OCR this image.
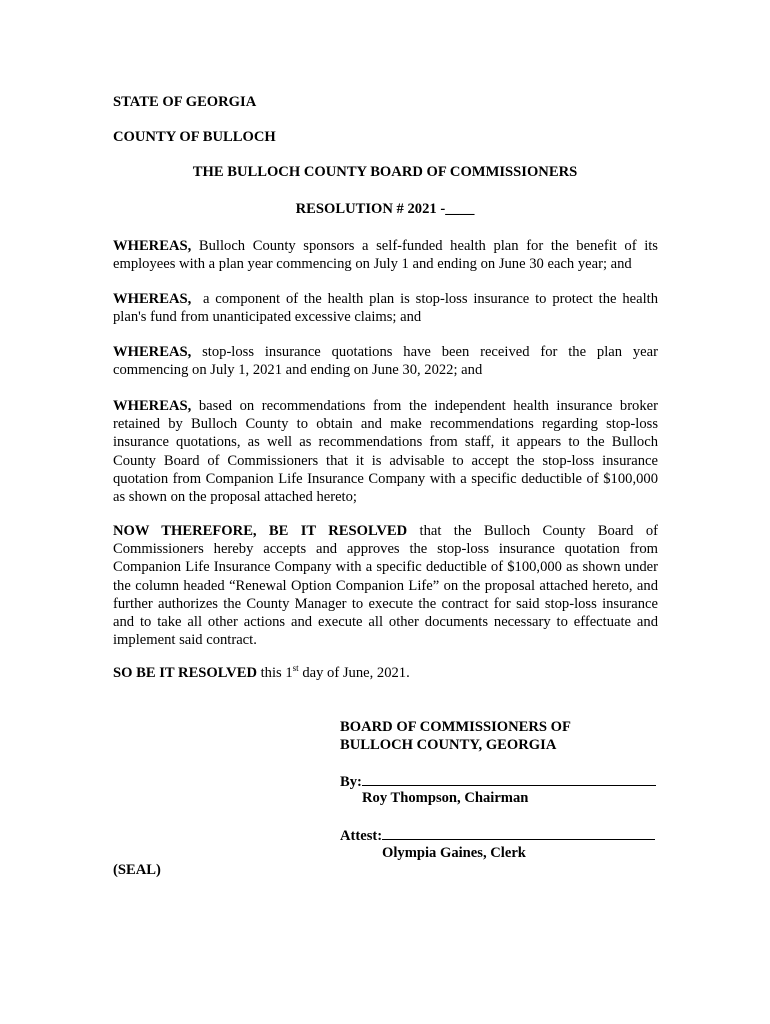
STATE OF GEORGIA
COUNTY OF BULLOCH
THE BULLOCH COUNTY BOARD OF COMMISSIONERS
RESOLUTION # 2021 -____

WHEREAS, Bulloch County sponsors a self-funded health plan for the benefit of its employees with a plan year commencing on July 1 and ending on June 30 each year; and

WHEREAS,  a component of the health plan is stop-loss insurance to protect the health plan's fund from unanticipated excessive claims; and

WHEREAS, stop-loss insurance quotations have been received for the plan year commencing on July 1, 2021 and ending on June 30, 2022; and

WHEREAS, based on recommendations from the independent health insurance broker retained by Bulloch County to obtain and make recommendations regarding stop-loss insurance quotations, as well as recommendations from staff, it appears to the Bulloch County Board of Commissioners that it is advisable to accept the stop-loss insurance quotation from Companion Life Insurance Company with a specific deductible of $100,000 as shown on the proposal attached hereto;

NOW THEREFORE, BE IT RESOLVED that the Bulloch County Board of Commissioners hereby accepts and approves the stop-loss insurance quotation from Companion Life Insurance Company with a specific deductible of $100,000 as shown under the column headed “Renewal Option Companion Life” on the proposal attached hereto, and further authorizes the County Manager to execute the contract for said stop-loss insurance and to take all other actions and execute all other documents necessary to effectuate and implement said contract.

SO BE IT RESOLVED this 1st day of June, 2021.
BOARD OF COMMISSIONERS OF
BULLOCH COUNTY, GEORGIA
By:
Roy Thompson, Chairman
Attest:
Olympia Gaines, Clerk
(SEAL)
